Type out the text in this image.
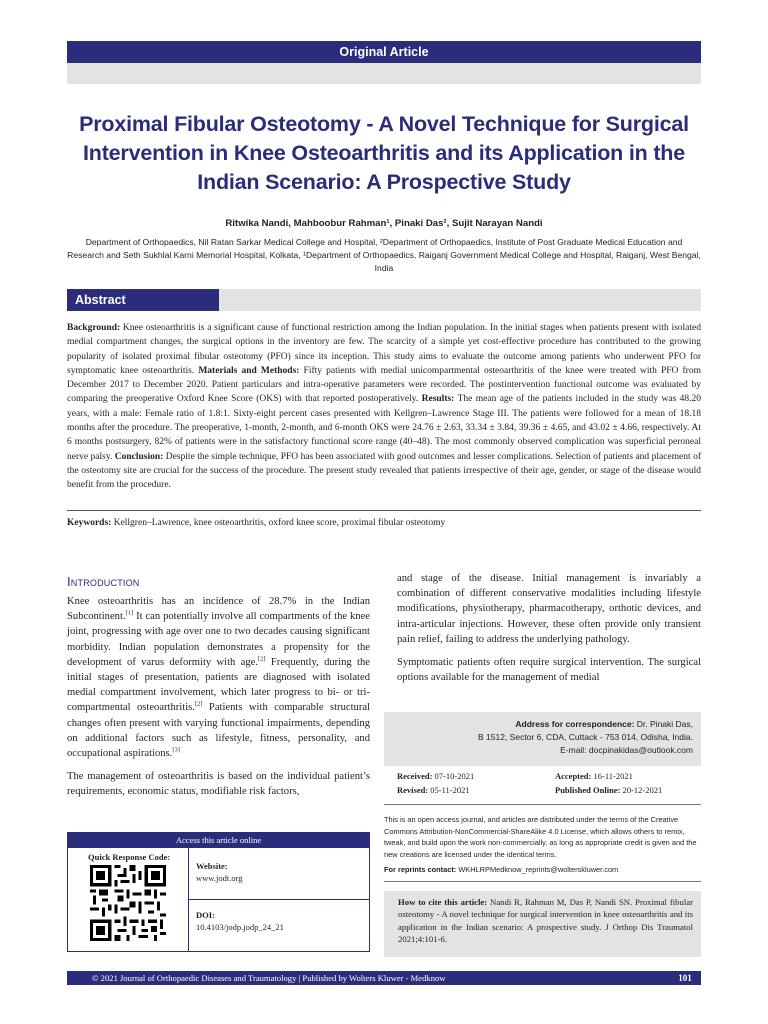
Original Article
Proximal Fibular Osteotomy - A Novel Technique for Surgical Intervention in Knee Osteoarthritis and its Application in the Indian Scenario: A Prospective Study
Ritwika Nandi, Mahboobur Rahman¹, Pinaki Das², Sujit Narayan Nandi
Department of Orthopaedics, Nil Ratan Sarkar Medical College and Hospital, ²Department of Orthopaedics, Institute of Post Graduate Medical Education and Research and Seth Sukhlal Karni Memorial Hospital, Kolkata, ¹Department of Orthopaedics, Raiganj Government Medical College and Hospital, Raiganj, West Bengal, India
Abstract
Background: Knee osteoarthritis is a significant cause of functional restriction among the Indian population. In the initial stages when patients present with isolated medial compartment changes, the surgical options in the inventory are few. The scarcity of a simple yet cost-effective procedure has contributed to the growing popularity of isolated proximal fibular osteotomy (PFO) since its inception. This study aims to evaluate the outcome among patients who underwent PFO for symptomatic knee osteoarthritis. Materials and Methods: Fifty patients with medial unicompartmental osteoarthritis of the knee were treated with PFO from December 2017 to December 2020. Patient particulars and intra-operative parameters were recorded. The postintervention functional outcome was evaluated by comparing the preoperative Oxford Knee Score (OKS) with that reported postoperatively. Results: The mean age of the patients included in the study was 48.20 years, with a male: Female ratio of 1.8:1. Sixty-eight percent cases presented with Kellgren–Lawrence Stage III. The patients were followed for a mean of 18.18 months after the procedure. The preoperative, 1-month, 2-month, and 6-month OKS were 24.76 ± 2.63, 33.34 ± 3.84, 39.36 ± 4.65, and 43.02 ± 4.66, respectively. At 6 months postsurgery, 82% of patients were in the satisfactory functional score range (40–48). The most commonly observed complication was superficial peroneal nerve palsy. Conclusion: Despite the simple technique, PFO has been associated with good outcomes and lesser complications. Selection of patients and placement of the osteotomy site are crucial for the success of the procedure. The present study revealed that patients irrespective of their age, gender, or stage of the disease would benefit from the procedure.
Keywords: Kellgren–Lawrence, knee osteoarthritis, oxford knee score, proximal fibular osteotomy
Introduction

Knee osteoarthritis has an incidence of 28.7% in the Indian Subcontinent.[1] It can potentially involve all compartments of the knee joint, progressing with age over one to two decades causing significant morbidity. Indian population demonstrates a propensity for the development of varus deformity with age.[2] Frequently, during the initial stages of presentation, patients are diagnosed with isolated medial compartment involvement, which later progress to bi- or tri-compartmental osteoarthritis.[2] Patients with comparable structural changes often present with varying functional impairments, depending on additional factors such as lifestyle, fitness, personality, and occupational aspirations.[3]

The management of osteoarthritis is based on the individual patient’s requirements, economic status, modifiable risk factors,

Access this article online
Quick Response Code:
Website:
www.jodt.org
DOI:
10.4103/jodp.jodp_24_21

and stage of the disease. Initial management is invariably a combination of different conservative modalities including lifestyle modifications, physiotherapy, pharmacotherapy, orthotic devices, and intra-articular injections. However, these often provide only transient pain relief, failing to address the underlying pathology.

Symptomatic patients often require surgical intervention. The surgical options available for the management of medial

Address for correspondence: Dr. Pinaki Das,
B 1512, Sector 6, CDA, Cuttack - 753 014, Odisha, India.
E-mail: docpinakidas@outlook.com
Received: 07-10-2021	Accepted: 16-11-2021
Revised: 05-11-2021	Published Online: 20-12-2021
This is an open access journal, and articles are distributed under the terms of the Creative Commons Attribution-NonCommercial-ShareAlike 4.0 License, which allows others to remix, tweak, and build upon the work non-commercially, as long as appropriate credit is given and the new creations are licensed under the identical terms.
For reprints contact: WKHLRPMedknow_reprints@wolterskluwer.com
How to cite this article: Nandi R, Rahman M, Das P, Nandi SN. Proximal fibular osteotomy - A novel technique for surgical intervention in knee osteoarthritis and its application in the Indian scenario: A prospective study. J Orthop Dis Traumatol 2021;4:101-6.
© 2021 Journal of Orthopaedic Diseases and Traumatology | Published by Wolters Kluwer - Medknow	101
